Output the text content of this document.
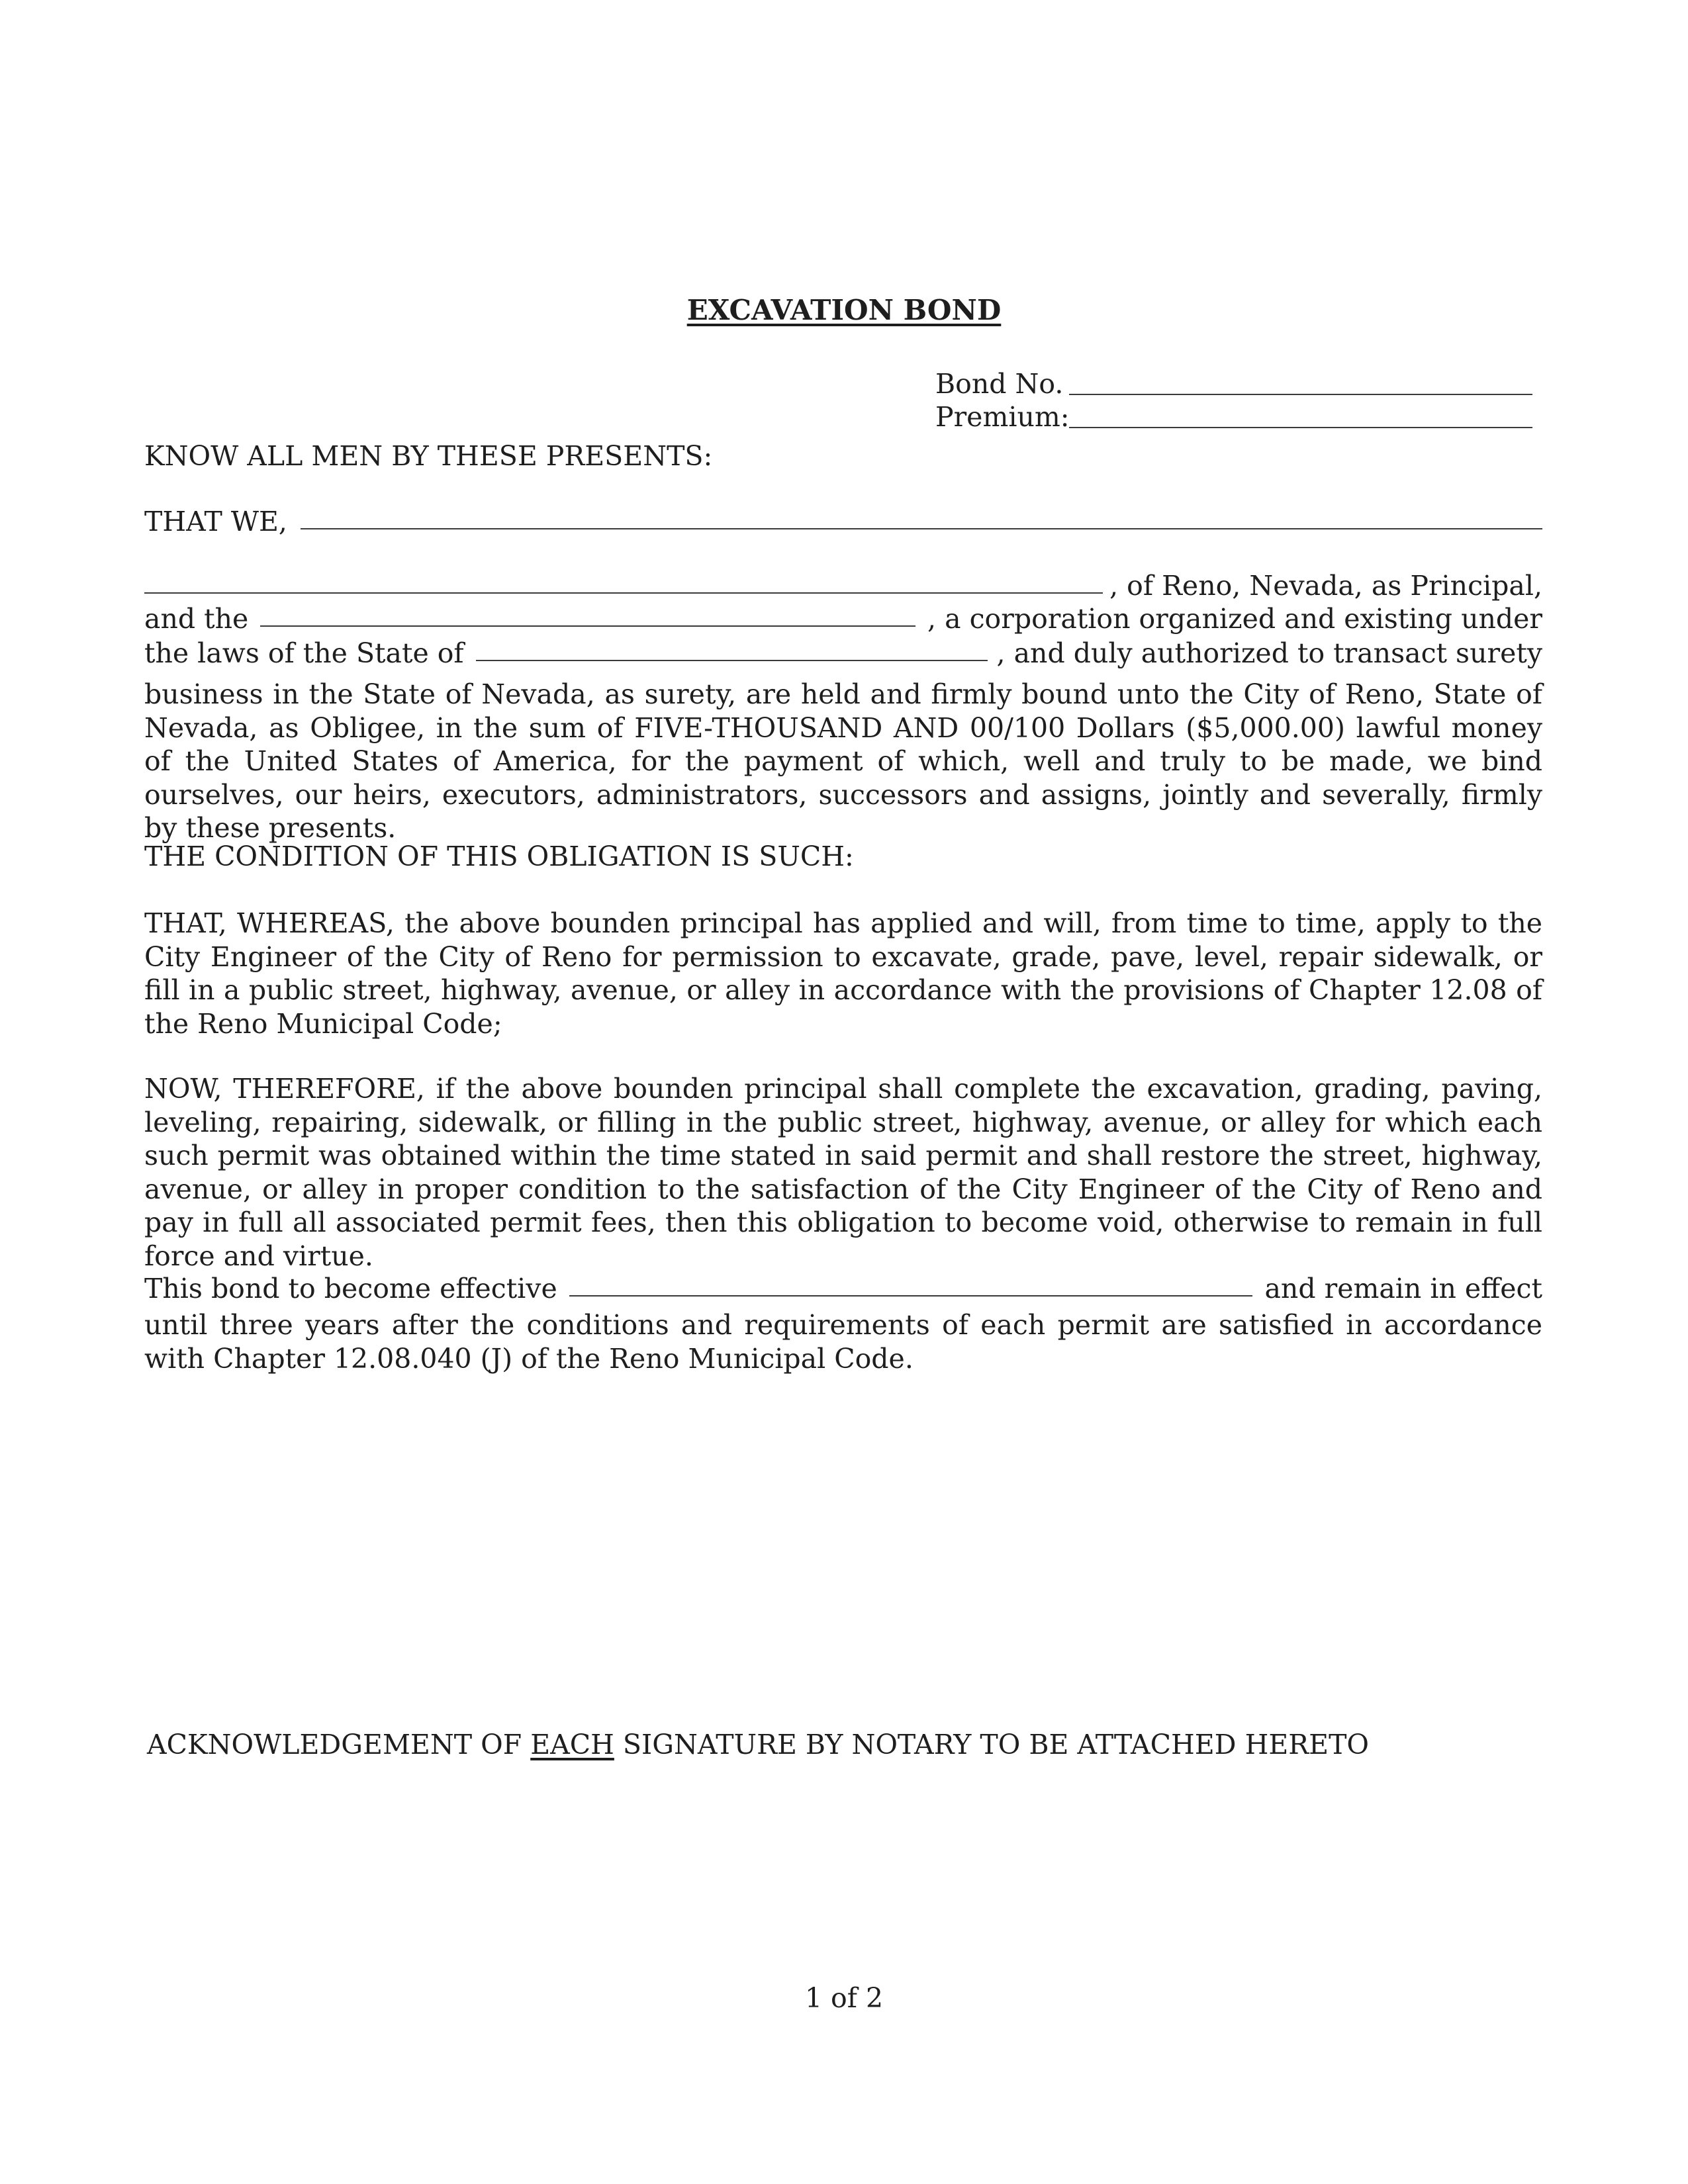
EXCAVATION BOND
Bond No.
Premium:
KNOW ALL MEN BY THESE PRESENTS:
THAT WE,
, of Reno, Nevada, as Principal,
and the	, a corporation organized and existing under
the laws of the State of	, and duly authorized to transact surety
business in the State of Nevada, as surety, are held and firmly bound unto the City of Reno, State of Nevada, as Obligee, in the sum of FIVE-THOUSAND AND 00/100 Dollars ($5,000.00) lawful money of the United States of America, for the payment of which, well and truly to be made, we bind ourselves, our heirs, executors, administrators, successors and assigns, jointly and severally, firmly by these presents.
THE CONDITION OF THIS OBLIGATION IS SUCH:
THAT, WHEREAS, the above bounden principal has applied and will, from time to time, apply to the City Engineer of the City of Reno for permission to excavate, grade, pave, level, repair sidewalk, or fill in a public street, highway, avenue, or alley in accordance with the provisions of Chapter 12.08 of the Reno Municipal Code;
NOW, THEREFORE, if the above bounden principal shall complete the excavation, grading, paving, leveling, repairing, sidewalk, or filling in the public street, highway, avenue, or alley for which each such permit was obtained within the time stated in said permit and shall restore the street, highway, avenue, or alley in proper condition to the satisfaction of the City Engineer of the City of Reno and pay in full all associated permit fees, then this obligation to become void, otherwise to remain in full force and virtue.
This bond to become effective	and remain in effect
until three years after the conditions and requirements of each permit are satisfied in accordance with Chapter 12.08.040 (J) of the Reno Municipal Code.
ACKNOWLEDGEMENT OF EACH SIGNATURE BY NOTARY TO BE ATTACHED HERETO
1 of 2
